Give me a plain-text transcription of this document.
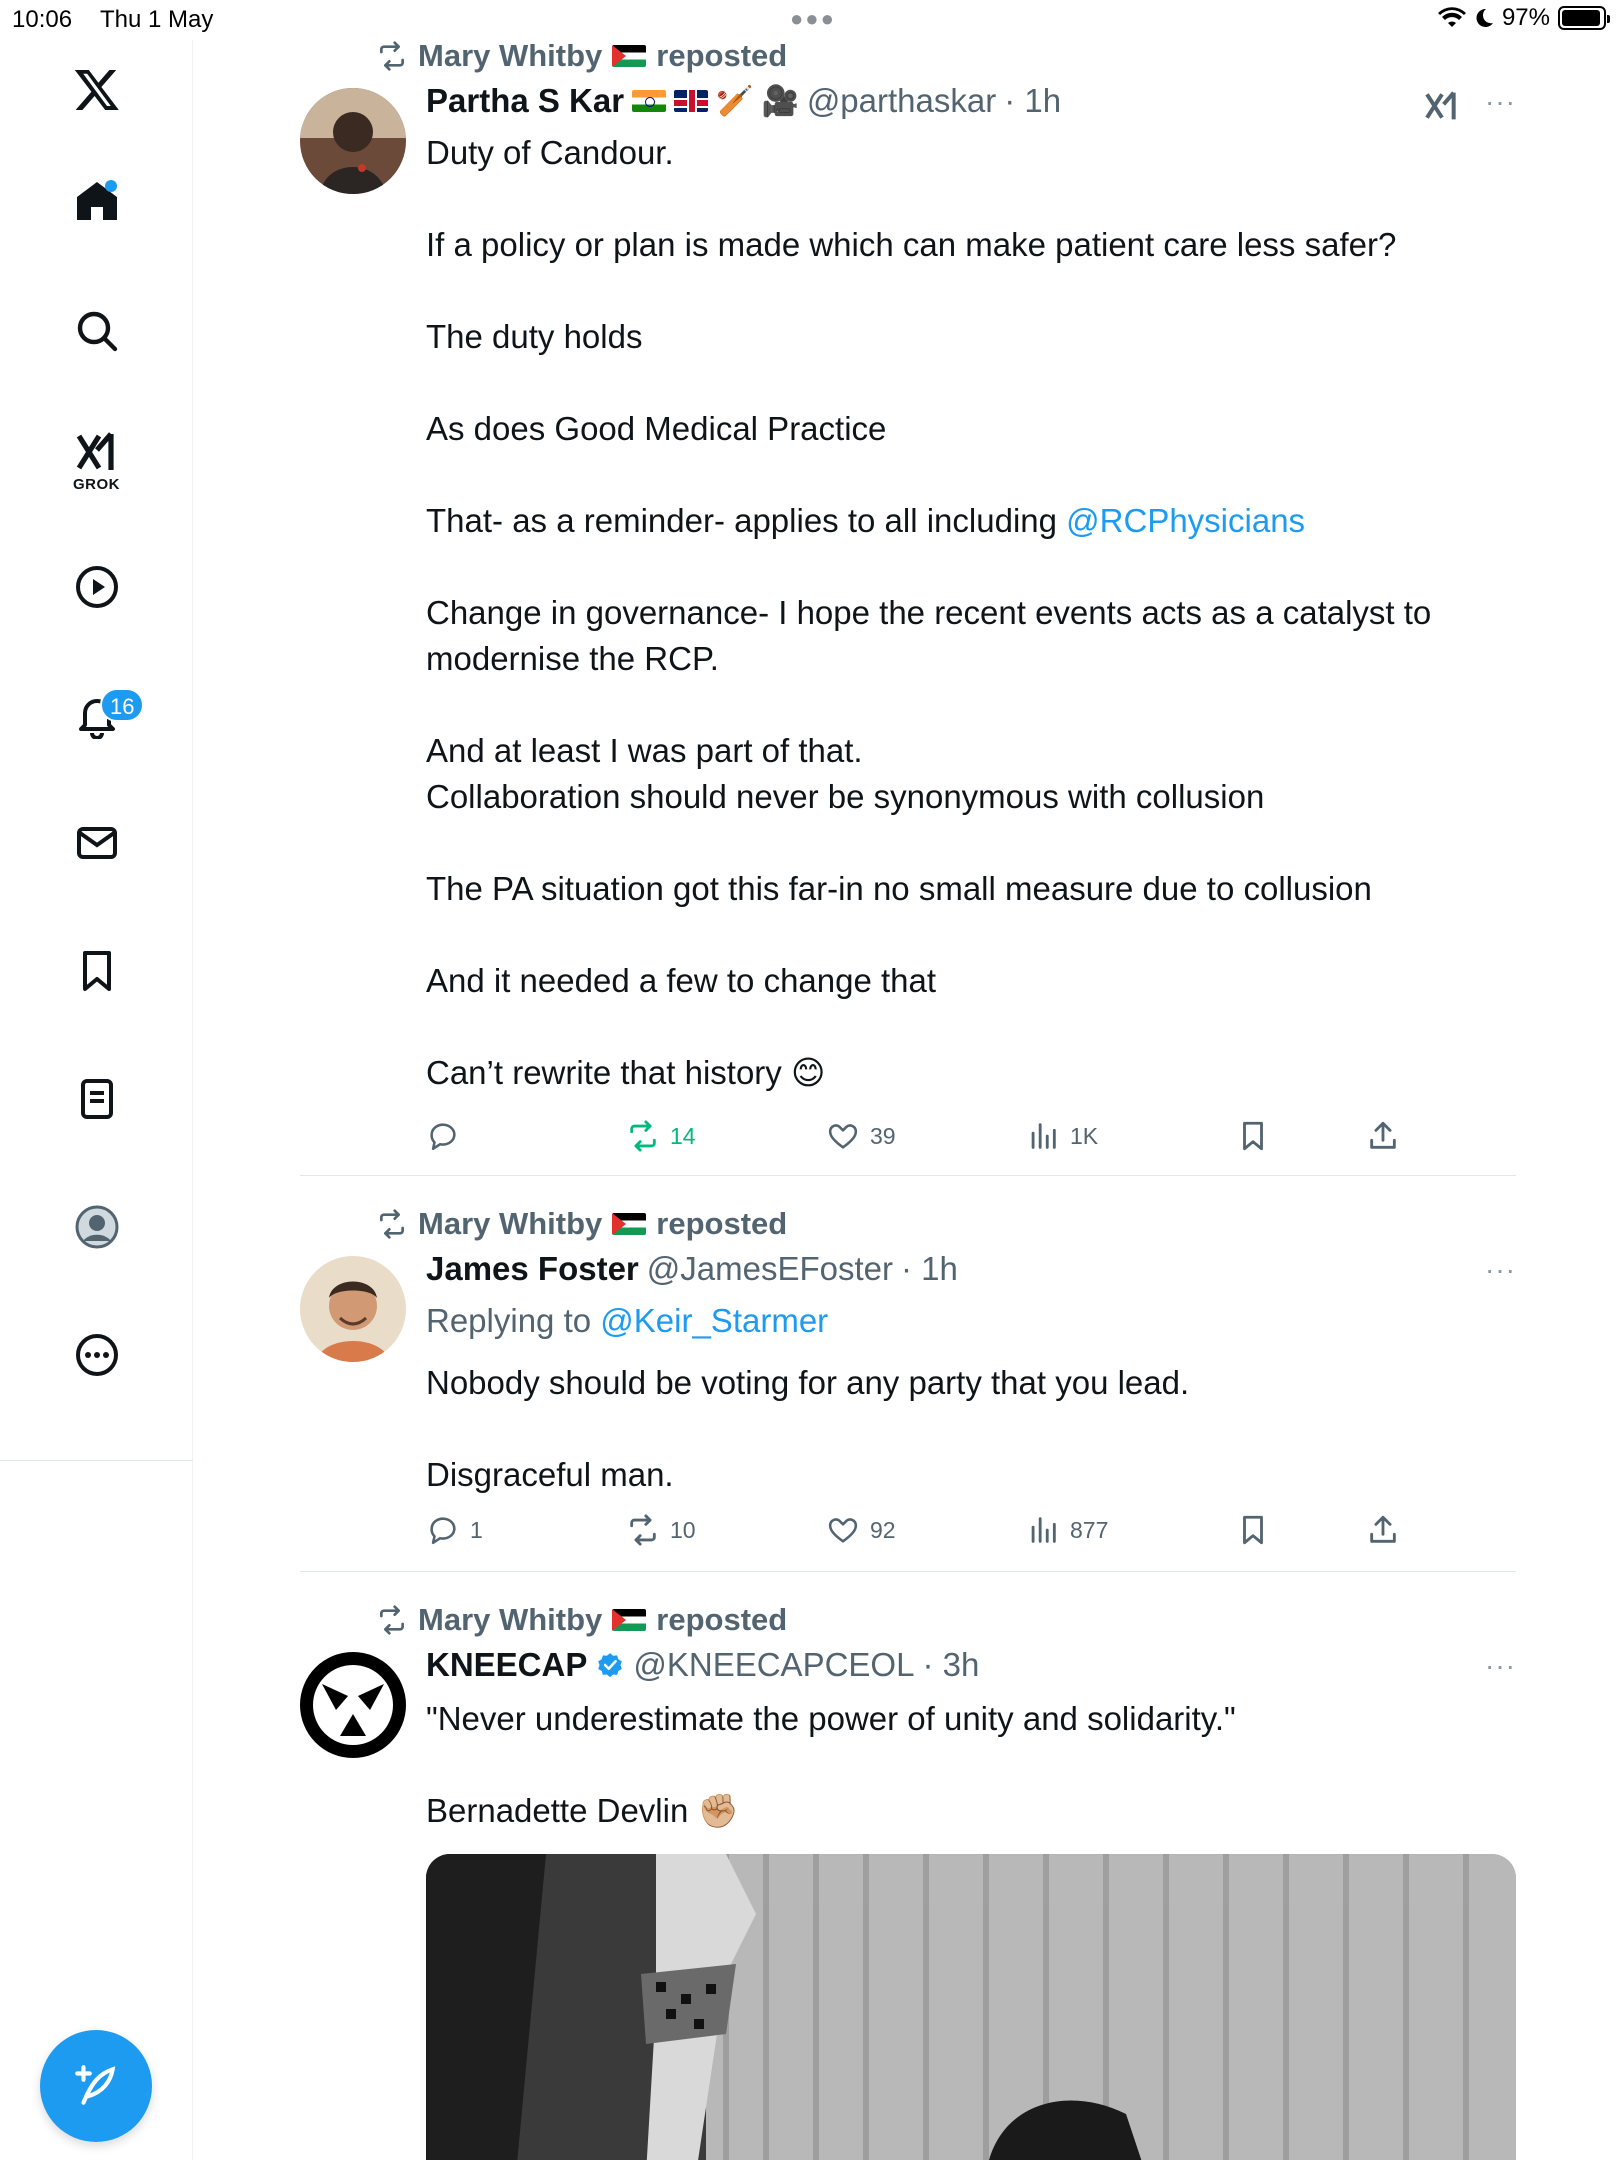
10:06 Thu 1 May	●●●	97%
GROK
16
Mary Whitby reposted
Partha S Kar	🏏 🎥 @parthaskar · 1h	···

Duty of Candour.

If a policy or plan is made which can make patient care less safer?

The duty holds

As does Good Medical Practice

That- as a reminder- applies to all including @RCPhysicians

Change in governance- I hope the recent events acts as a catalyst to

modernise the RCP.

And at least I was part of that.

Collaboration should never be synonymous with collusion

The PA situation got this far-in no small measure due to collusion

And it needed a few to change that

Can’t rewrite that history 😊

14	39	1K
Mary Whitby reposted
James Foster @JamesEFoster · 1h	···
Replying to @Keir_Starmer

Nobody should be voting for any party that you lead.

Disgraceful man.

1	10	92	877
Mary Whitby reposted
KNEECAP @KNEECAPCEOL · 3h	···

"Never underestimate the power of unity and solidarity."

Bernadette Devlin ✊🏼
